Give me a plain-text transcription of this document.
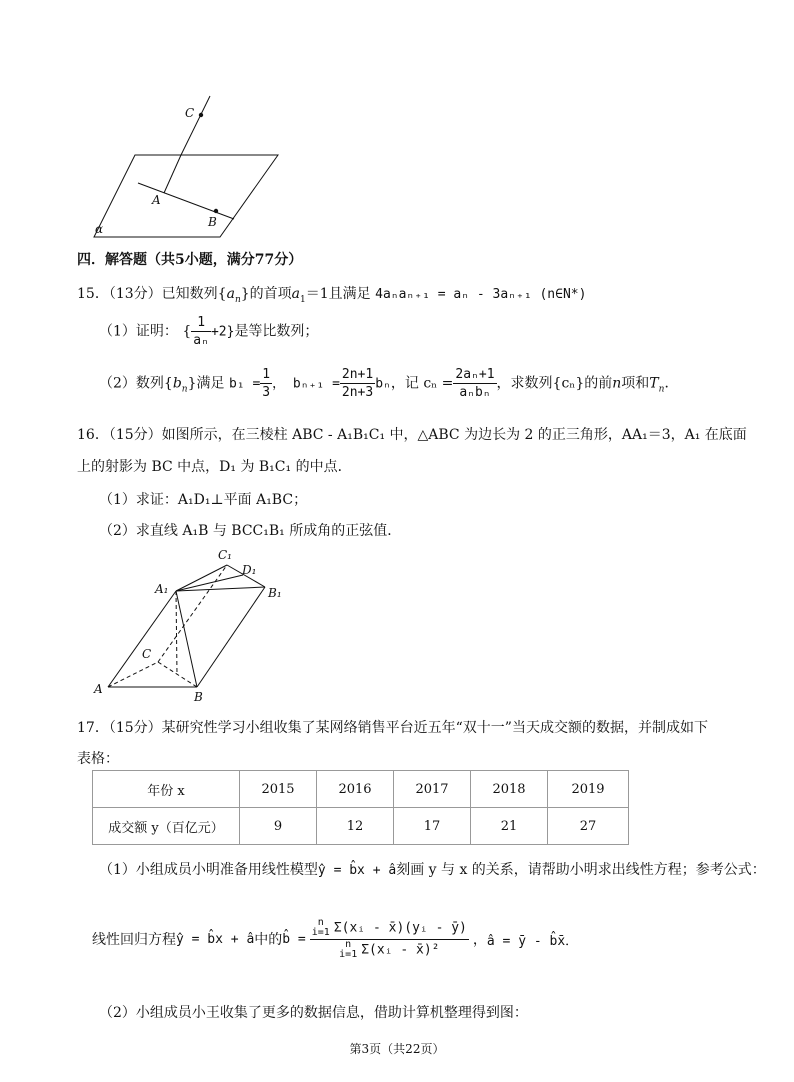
C
A
B
α
四．解答题（共5小题，满分77分）
15．（13分）已知数列$\{a_n\}$的首项$a_1=1$且满足 4aₙaₙ₊₁ = aₙ - 3aₙ₊₁ (n∈N*)
（1）证明： { $\frac{1}{\text{aₙ}} +2$}是等比数列；
（2）数列$\{b_n\}$满足 $b_1 = \frac{1}{3}$ ， $b_{n+1} = \frac{2n+1}{2n+3}$ bₙ，记 $c_n = \frac{\text{2aₙ+1}}{\text{aₙbₙ}}$ ，求数列{cₙ}的前n项和$T_n$．
16．（15分）如图所示，在三棱柱 ABC - A₁B₁C₁ 中，△ABC 为边长为 2 的正三角形，AA₁＝3，A₁ 在底面
上的射影为 BC 中点，D₁ 为 B₁C₁ 的中点．
（1）求证：A₁D₁⊥平面 A₁BC；
（2）求直线 A₁B 与 BCC₁B₁ 所成角的正弦值．
C₁
D₁
A₁	B₁
C
A
B
17．（15分）某研究性学习小组收集了某网络销售平台近五年“双十一”当天成交额的数据，并制成如下
表格：
年份 x	2015	2016	2017	2018	2019
成交额 y（百亿元）	9	12	17	21	27
（1）小组成员小明准备用线性模型ŷ = b̂x + â刻画 y 与 x 的关系，请帮助小明求出线性方程；参考公式：
线性回归方程 ŷ = b̂x + â 中的 b̂ =
n
i=1 Σ(xᵢ - x̄)(yᵢ - ȳ)
n
i=1 Σ(xᵢ - x̄)²
， â = ȳ - b̂x̄．
（2）小组成员小王收集了更多的数据信息，借助计算机整理得到图：
第3页（共22页）
